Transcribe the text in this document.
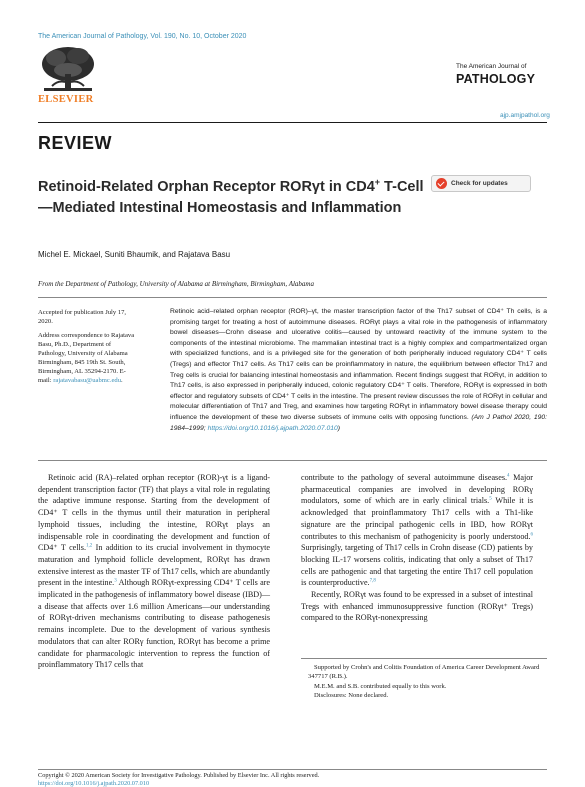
The American Journal of Pathology, Vol. 190, No. 10, October 2020
ELSEVIER
The American Journal of
PATHOLOGY
ajp.amjpathol.org
REVIEW
Retinoid-Related Orphan Receptor RORγt in CD4+ T-Cell—Mediated Intestinal Homeostasis and Inflammation
Check for updates
Michel E. Mickael, Suniti Bhaumik, and Rajatava Basu
From the Department of Pathology, University of Alabama at Birmingham, Birmingham, Alabama

Accepted for publication July 17, 2020.

Address correspondence to Rajatava Basu, Ph.D., Department of Pathology, University of Alabama Birmingham, 845 19th St. South, Birmingham, AL 35294-2170. E-mail: rajatavabasu@uabmc.edu.

Retinoic acid–related orphan receptor (ROR)–γt, the master transcription factor of the Th17 subset of CD4⁺ Th cells, is a promising target for treating a host of autoimmune diseases. RORγt plays a vital role in the pathogenesis of inflammatory bowel diseases—Crohn disease and ulcerative colitis—caused by untoward reactivity of the immune system to the components of the intestinal microbiome. The mammalian intestinal tract is a highly complex and compartmentalized organ with specialized functions, and is a privileged site for the generation of both peripherally induced regulatory CD4⁺ T cells (Tregs) and effector Th17 cells. As Th17 cells can be proinflammatory in nature, the equilibrium between effector Th17 and Treg cells is crucial for balancing intestinal homeostasis and inflammation. Recent findings suggest that RORγt, in addition to Th17 cells, is also expressed in peripherally induced, colonic regulatory CD4⁺ T cells. Therefore, RORγt is expressed in both effector and regulatory subsets of CD4⁺ T cells in the intestine. The present review discusses the role of RORγt in cellular and molecular differentiation of Th17 and Treg, and examines how targeting RORγt in inflammatory bowel disease therapy could influence the development of these two diverse subsets of immune cells with opposing functions. (Am J Pathol 2020, 190: 1984–1999; https://doi.org/10.1016/j.ajpath.2020.07.010)

Retinoic acid (RA)–related orphan receptor (ROR)-γt is a ligand-dependent transcription factor (TF) that plays a vital role in regulating the adaptive immune response. Starting from the development of CD4⁺ T cells in the thymus until their maturation in peripheral lymphoid tissues, including the intestine, RORγt plays an indispensable role in coordinating the development and function of CD4⁺ T cells.$^{1,2}$ In addition to its crucial involvement in thymocyte maturation and lymphoid follicle development, RORγt has drawn extensive interest as the master TF of Th17 cells, which are abundantly present in the intestine.$^3$ Although RORγt-expressing CD4⁺ T cells are implicated in the pathogenesis of inflammatory bowel disease (IBD)—a disease that affects over 1.6 million Americans—our understanding of RORγt-driven mechanisms contributing to disease pathogenesis remains incomplete. Due to the development of various synthesis modulators that can alter RORγ function, RORγt has become a prime candidate for pharmacologic intervention to repress the function of proinflammatory Th17 cells that

contribute to the pathology of several autoimmune diseases.$^4$ Major pharmaceutical companies are involved in developing RORγ modulators, some of which are in early clinical trials.$^5$ While it is acknowledged that proinflammatory Th17 cells with a Th1-like signature are the principal pathogenic cells in IBD, how RORγt contributes to this mechanism of pathogenicity is poorly understood.$^6$ Surprisingly, targeting of Th17 cells in Crohn disease (CD) patients by blocking IL-17 worsens colitis, indicating that only a subset of Th17 cells are pathogenic and that targeting the entire Th17 cell population is counterproductive.$^{7,8}$

Recently, RORγt was found to be expressed in a subset of intestinal Tregs with enhanced immunosuppressive function (RORγt⁺ Tregs) compared to the RORγt-nonexpressing

Supported by Crohn's and Colitis Foundation of America Career Development Award 347717 (R.B.).

M.E.M. and S.B. contributed equally to this work.

Disclosures: None declared.

Copyright © 2020 American Society for Investigative Pathology. Published by Elsevier Inc. All rights reserved.
https://doi.org/10.1016/j.ajpath.2020.07.010
